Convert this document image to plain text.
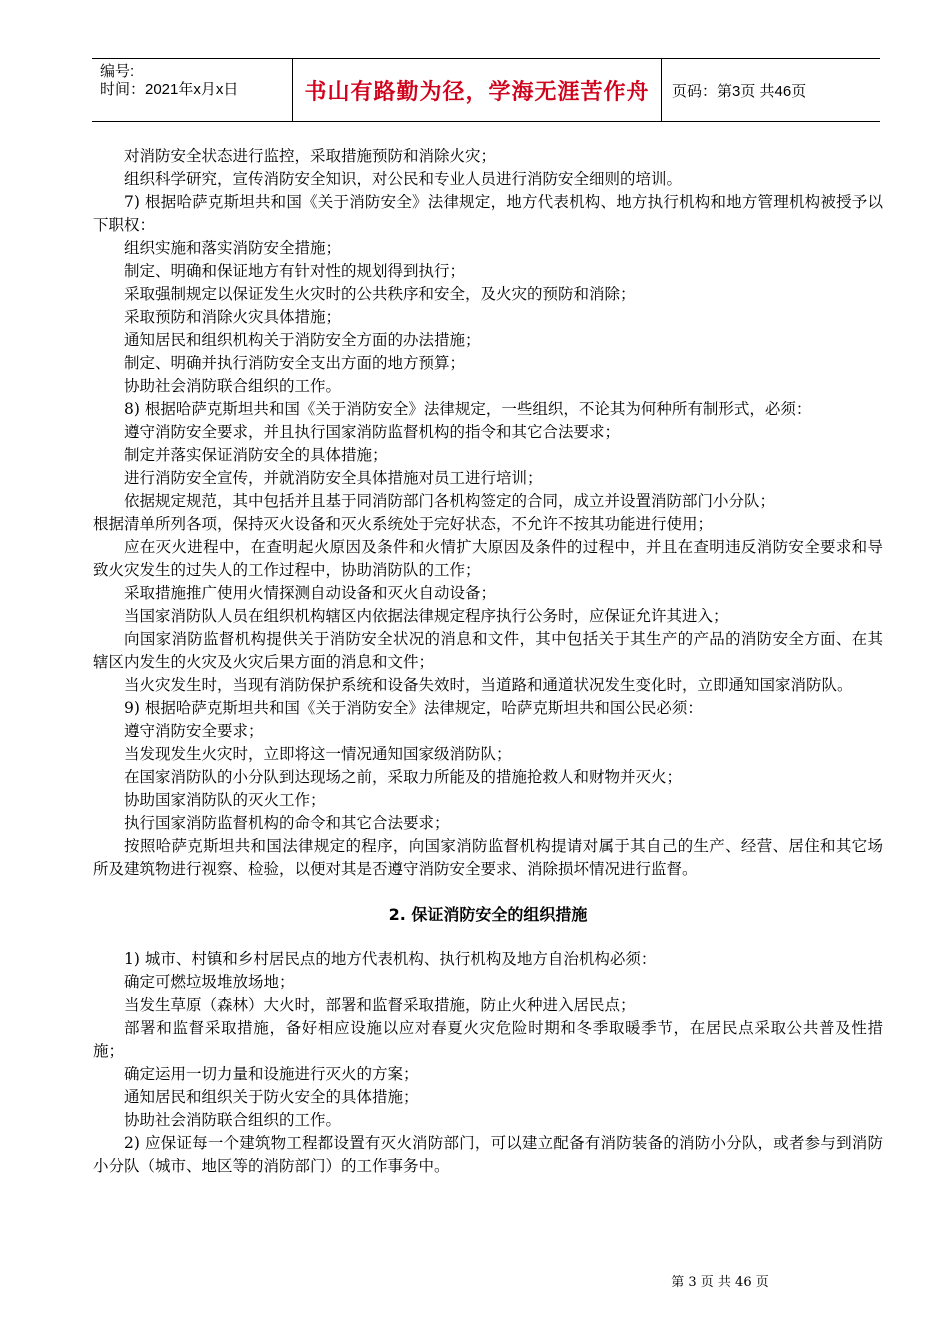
编号:
时间：2021年x月x日	书山有路勤为径，学海无涯苦作舟	页码：第3页 共46页

对消防安全状态进行监控，采取措施预防和消除火灾；

组织科学研究，宣传消防安全知识，对公民和专业人员进行消防安全细则的培训。

7) 根据哈萨克斯坦共和国《关于消防安全》法律规定，地方代表机构、地方执行机构和地方管理机构被授予以下职权：

组织实施和落实消防安全措施；

制定、明确和保证地方有针对性的规划得到执行；

采取强制规定以保证发生火灾时的公共秩序和安全，及火灾的预防和消除；

采取预防和消除火灾具体措施；

通知居民和组织机构关于消防安全方面的办法措施；

制定、明确并执行消防安全支出方面的地方预算；

协助社会消防联合组织的工作。

8) 根据哈萨克斯坦共和国《关于消防安全》法律规定，一些组织，不论其为何种所有制形式，必须：

遵守消防安全要求，并且执行国家消防监督机构的指令和其它合法要求；

制定并落实保证消防安全的具体措施；

进行消防安全宣传，并就消防安全具体措施对员工进行培训；

依据规定规范，其中包括并且基于同消防部门各机构签定的合同，成立并设置消防部门小分队；

根据清单所列各项，保持灭火设备和灭火系统处于完好状态，不允许不按其功能进行使用；

应在灭火进程中，在查明起火原因及条件和火情扩大原因及条件的过程中，并且在查明违反消防安全要求和导致火灾发生的过失人的工作过程中，协助消防队的工作；

采取措施推广使用火情探测自动设备和灭火自动设备；

当国家消防队人员在组织机构辖区内依据法律规定程序执行公务时，应保证允许其进入；

向国家消防监督机构提供关于消防安全状况的消息和文件，其中包括关于其生产的产品的消防安全方面、在其辖区内发生的火灾及火灾后果方面的消息和文件；

当火灾发生时，当现有消防保护系统和设备失效时，当道路和通道状况发生变化时，立即通知国家消防队。

9) 根据哈萨克斯坦共和国《关于消防安全》法律规定，哈萨克斯坦共和国公民必须：

遵守消防安全要求；

当发现发生火灾时，立即将这一情况通知国家级消防队；

在国家消防队的小分队到达现场之前，采取力所能及的措施抢救人和财物并灭火；

协助国家消防队的灭火工作；

执行国家消防监督机构的命令和其它合法要求；

按照哈萨克斯坦共和国法律规定的程序，向国家消防监督机构提请对属于其自己的生产、经营、居住和其它场所及建筑物进行视察、检验，以便对其是否遵守消防安全要求、消除损坏情况进行监督。

2. 保证消防安全的组织措施

1) 城市、村镇和乡村居民点的地方代表机构、执行机构及地方自治机构必须：

确定可燃垃圾堆放场地；

当发生草原（森林）大火时，部署和监督采取措施，防止火种进入居民点；

部署和监督采取措施，备好相应设施以应对春夏火灾危险时期和冬季取暖季节，在居民点采取公共普及性措施；

确定运用一切力量和设施进行灭火的方案；

通知居民和组织关于防火安全的具体措施；

协助社会消防联合组织的工作。

2) 应保证每一个建筑物工程都设置有灭火消防部门，可以建立配备有消防装备的消防小分队，或者参与到消防小分队（城市、地区等的消防部门）的工作事务中。

第 3 页 共 46 页
